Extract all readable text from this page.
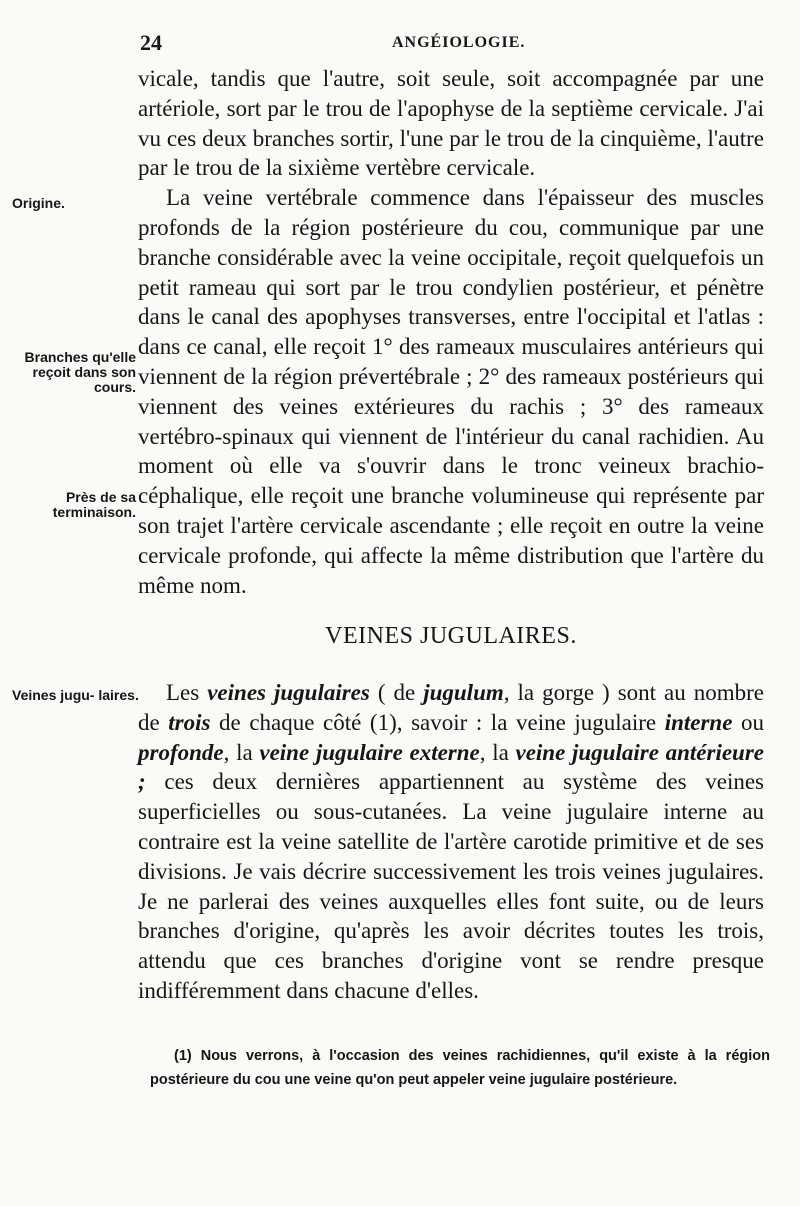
24	ANGÉIOLOGIE.
Origine.
Branches qu'elle reçoit dans son cours.
Près de sa terminaison.
Veines jugu- laires.

vicale, tandis que l'autre, soit seule, soit accompagnée par une artériole, sort par le trou de l'apophyse de la septième cervicale. J'ai vu ces deux branches sortir, l'une par le trou de la cinquième, l'autre par le trou de la sixième vertèbre cervicale.

La veine vertébrale commence dans l'épaisseur des muscles profonds de la région postérieure du cou, communique par une branche considérable avec la veine occipitale, reçoit quelquefois un petit rameau qui sort par le trou condylien postérieur, et pénètre dans le canal des apophyses transverses, entre l'occipital et l'atlas : dans ce canal, elle reçoit 1° des rameaux musculaires antérieurs qui viennent de la région prévertébrale ; 2° des rameaux postérieurs qui viennent des veines extérieures du rachis ; 3° des rameaux vertébro-spinaux qui viennent de l'intérieur du canal rachidien. Au moment où elle va s'ouvrir dans le tronc veineux brachio-céphalique, elle reçoit une branche volumineuse qui représente par son trajet l'artère cervicale ascendante ; elle reçoit en outre la veine cervicale profonde, qui affecte la même distribution que l'artère du même nom.

VEINES JUGULAIRES.

Les veines jugulaires ( de jugulum, la gorge ) sont au nombre de trois de chaque côté (1), savoir : la veine jugulaire interne ou profonde, la veine jugulaire externe, la veine jugulaire antérieure ; ces deux dernières appartiennent au système des veines superficielles ou sous-cutanées. La veine jugulaire interne au contraire est la veine satellite de l'artère carotide primitive et de ses divisions. Je vais décrire successivement les trois veines jugulaires. Je ne parlerai des veines auxquelles elles font suite, ou de leurs branches d'origine, qu'après les avoir décrites toutes les trois, attendu que ces branches d'origine vont se rendre presque indifféremment dans chacune d'elles.

(1) Nous verrons, à l'occasion des veines rachidiennes, qu'il existe à la région postérieure du cou une veine qu'on peut appeler veine jugulaire postérieure.
